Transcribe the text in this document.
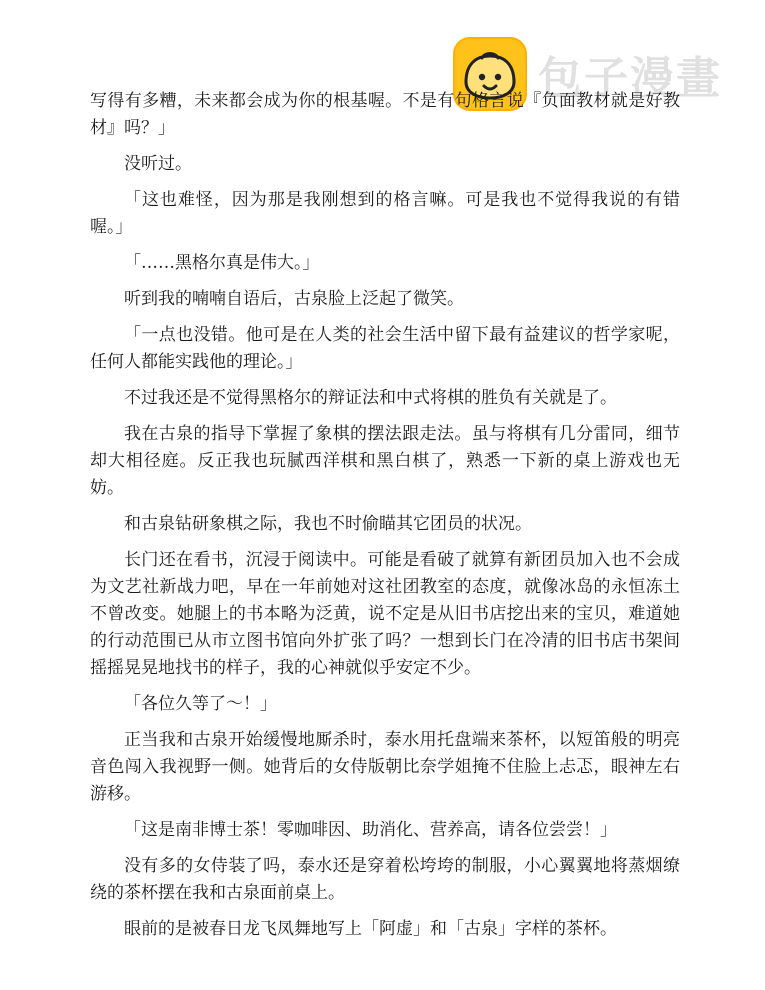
包子漫畫

写得有多糟，未来都会成为你的根基喔。不是有句格言说『负面教材就是好教材』吗？」

没听过。

「这也难怪，因为那是我刚想到的格言嘛。可是我也不觉得我说的有错喔。」

「……黑格尔真是伟大。」

听到我的喃喃自语后，古泉脸上泛起了微笑。

「一点也没错。他可是在人类的社会生活中留下最有益建议的哲学家呢，任何人都能实践他的理论。」

不过我还是不觉得黑格尔的辩证法和中式将棋的胜负有关就是了。

我在古泉的指导下掌握了象棋的摆法跟走法。虽与将棋有几分雷同，细节却大相径庭。反正我也玩腻西洋棋和黑白棋了，熟悉一下新的桌上游戏也无妨。

和古泉钻研象棋之际，我也不时偷瞄其它团员的状况。

长门还在看书，沉浸于阅读中。可能是看破了就算有新团员加入也不会成为文艺社新战力吧，早在一年前她对这社团教室的态度，就像冰岛的永恒冻土不曾改变。她腿上的书本略为泛黄，说不定是从旧书店挖出来的宝贝，难道她的行动范围已从市立图书馆向外扩张了吗？一想到长门在冷清的旧书店书架间摇摇晃晃地找书的样子，我的心神就似乎安定不少。

「各位久等了～！」

正当我和古泉开始缓慢地厮杀时，泰水用托盘端来茶杯，以短笛般的明亮音色闯入我视野一侧。她背后的女侍版朝比奈学姐掩不住脸上忐忑，眼神左右游移。

「这是南非博士茶！零咖啡因、助消化、营养高，请各位尝尝！」

没有多的女侍装了吗，泰水还是穿着松垮垮的制服，小心翼翼地将蒸烟缭绕的茶杯摆在我和古泉面前桌上。

眼前的是被春日龙飞凤舞地写上「阿虚」和「古泉」字样的茶杯。
